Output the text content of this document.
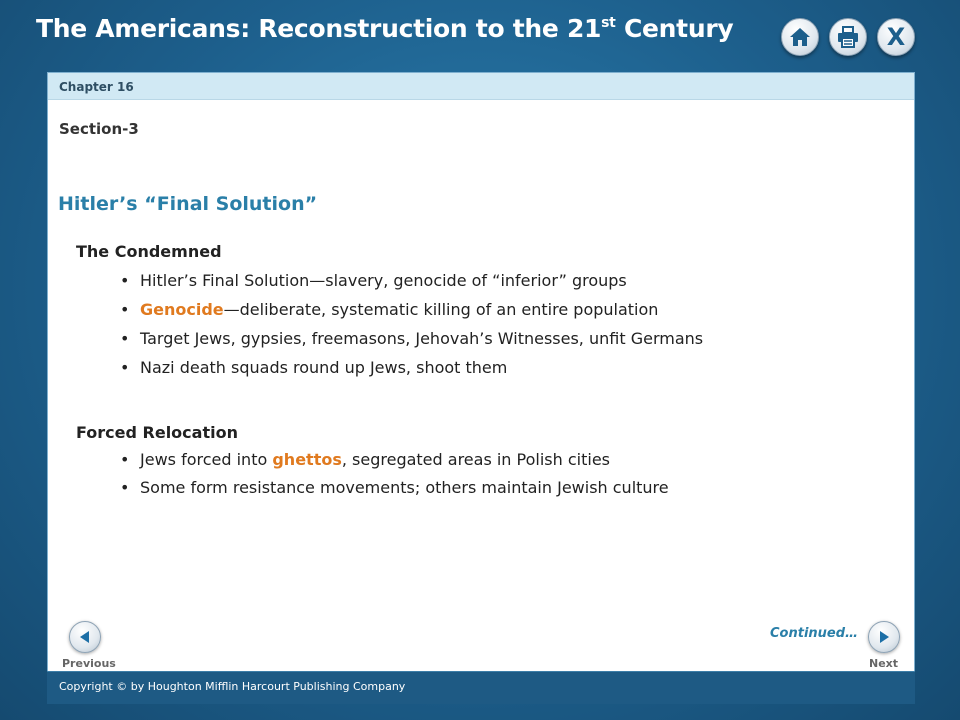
The Americans: Reconstruction to the 21st Century	X
Chapter 16
Section-3
Hitler’s “Final Solution”
The Condemned
• Hitler’s Final Solution—slavery, genocide of “inferior” groups
• Genocide—deliberate, systematic killing of an entire population
• Target Jews, gypsies, freemasons, Jehovah’s Witnesses, unfit Germans
• Nazi death squads round up Jews, shoot them
Forced Relocation
• Jews forced into ghettos, segregated areas in Polish cities
• Some form resistance movements; others maintain Jewish culture
Continued…
Previous	Next
Copyright © by Houghton Mifflin Harcourt Publishing Company
